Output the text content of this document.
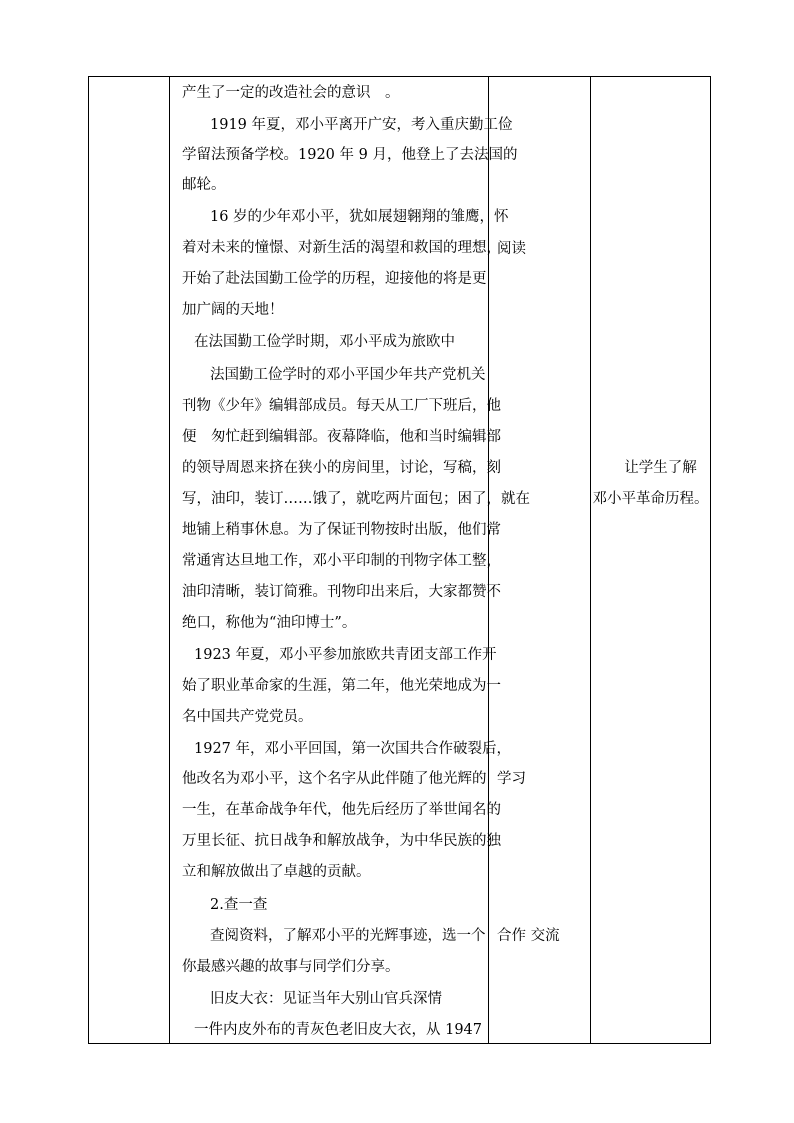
产生了一定的改造社会的意识　。
1919 年夏，邓小平离开广安，考入重庆勤工俭
学留法预备学校。1920 年 9 月，他登上了去法国的
邮轮。
16 岁的少年邓小平，犹如展翅翱翔的雏鹰，怀
着对未来的憧憬、对新生活的渴望和救国的理想，
开始了赴法国勤工俭学的历程，迎接他的将是更
加广阔的天地！
在法国勤工俭学时期，邓小平成为旅欧中
法国勤工俭学时的邓小平国少年共产党机关
刊物《少年》编辑部成员。每天从工厂下班后，他
便　匆忙赶到编辑部。夜幕降临，他和当时编辑部
的领导周恩来挤在狭小的房间里，讨论，写稿，刻
写，油印，装订……饿了，就吃两片面包；困了，就在
地铺上稍事休息。为了保证刊物按时出版，他们常
常通宵达旦地工作，邓小平印制的刊物字体工整，
油印清晰，装订简雅。刊物印出来后，大家都赞不
绝口，称他为“油印博士”。
1923 年夏，邓小平参加旅欧共青团支部工作开
始了职业革命家的生涯，第二年，他光荣地成为一
名中国共产党党员。
1927 年，邓小平回国，第一次国共合作破裂后，
他改名为邓小平，这个名字从此伴随了他光辉的
一生，在革命战争年代，他先后经历了举世闻名的
万里长征、抗日战争和解放战争，为中华民族的独
立和解放做出了卓越的贡献。
2.查一查
查阅资料，了解邓小平的光辉事迹，选一个
你最感兴趣的故事与同学们分享。
旧皮大衣：见证当年大别山官兵深情
一件内皮外布的青灰色老旧皮大衣，从 1947

阅读
学习
合作 交流

让学生了解
邓小平革命历程。
